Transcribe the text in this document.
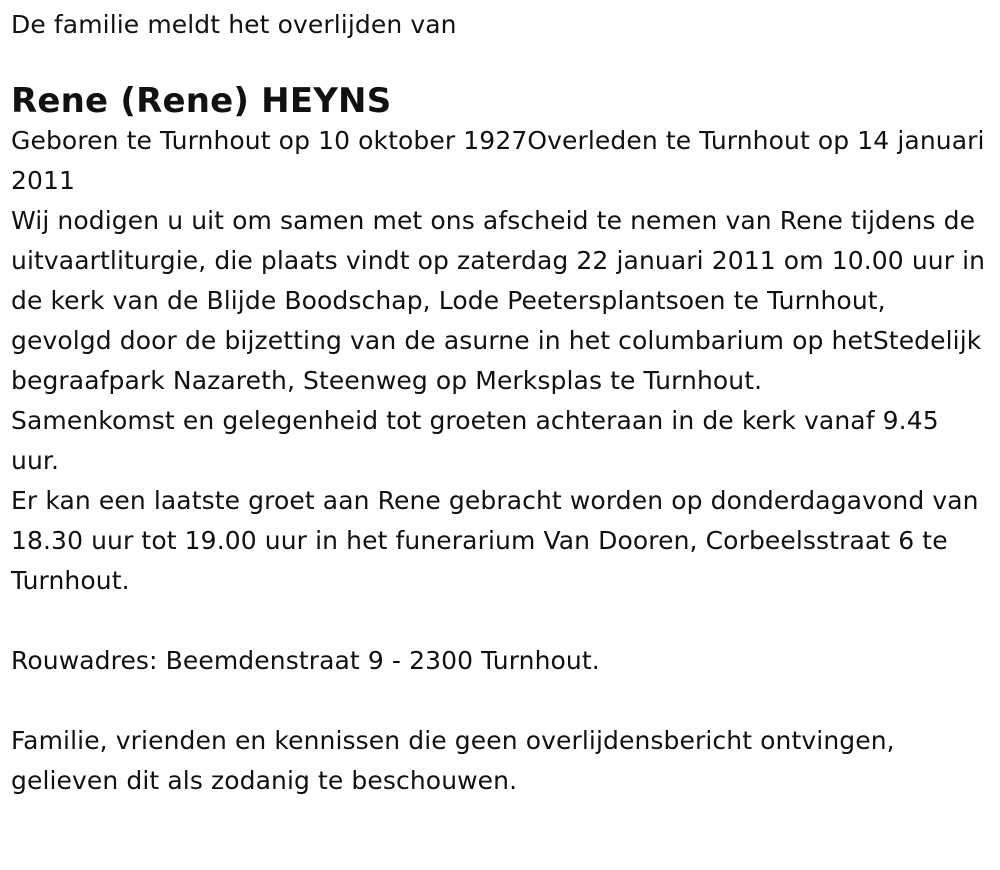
De familie meldt het overlijden van

Rene (Rene) HEYNS

Geboren te Turnhout op 10 oktober 1927Overleden te Turnhout op 14 januari 2011

Wij nodigen u uit om samen met ons afscheid te nemen van Rene tijdens de uitvaartliturgie, die plaats vindt op zaterdag 22 januari 2011 om 10.00 uur in de kerk van de Blijde Boodschap, Lode Peetersplantsoen te Turnhout, gevolgd door de bijzetting van de asurne in het columbarium op hetStedelijk begraafpark Nazareth, Steenweg op Merksplas te Turnhout.

Samenkomst en gelegenheid tot groeten achteraan in de kerk vanaf 9.45 uur.

Er kan een laatste groet aan Rene gebracht worden op donderdagavond van 18.30 uur tot 19.00 uur in het funerarium Van Dooren, Corbeelsstraat 6 te Turnhout.

Rouwadres: Beemdenstraat 9 - 2300 Turnhout.

Familie, vrienden en kennissen die geen overlijdensbericht ontvingen, gelieven dit als zodanig te beschouwen.
